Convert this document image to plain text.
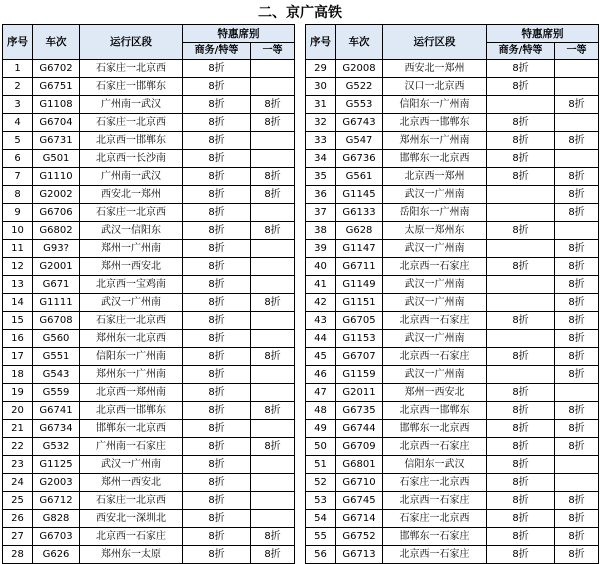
二、京广高铁
序号	车次	运行区段	特惠席别	
			商务/特等	一等
1	G6702	石家庄一北京西	8折	
2	G6751	石家庄一邯郸东	8折	
3	G1108	广州南一武汉	8折	8折
4	G6704	石家庄一北京西	8折	8折
5	G6731	北京西一邯郸东	8折	
6	G501	北京西一长沙南	8折	
7	G1110	广州南一武汉	8折	8折
8	G2002	西安北一郑州	8折	8折
9	G6706	石家庄一北京西	8折	
10	G6802	武汉一信阳东	8折	8折
11	G93?	郑州一广州南	8折	
12	G2001	郑州一西安北	8折	
13	G671	北京西一宝鸡南	8折	
14	G1111	武汉一广州南	8折	8折
15	G6708	石家庄一北京西	8折	
16	G560	郑州东一北京西	8折	
17	G551	信阳东一广州南	8折	8折
18	G543	郑州东一广州南	8折	
19	G559	北京西一郑州南	8折	
20	G6741	北京西一邯郸东	8折	8折
21	G6734	邯郸东一北京西	8折	
22	G532	广州南一石家庄	8折	8折
23	G1125	武汉一广州南	8折	
24	G2003	郑州一西安北	8折	
25	G6712	石家庄一北京西	8折	
26	G828	西安北一深圳北	8折	
27	G6703	北京西一石家庄	8折	8折
28	G626	郑州东一太原	8折	8折
序号	车次	运行区段	特惠席别	
			商务/特等	一等
29	G2008	西安北一郑州	8折	
30	G522	汉口一北京西	8折	
31	G553	信阳东一广州南		8折
32	G6743	北京西一邯郸东	8折	
33	G547	郑州东一广州南	8折	8折
34	G6736	邯郸东一北京西	8折	
35	G561	北京西一郑州	8折	8折
36	G1145	武汉一广州南		8折
37	G6133	岳阳东一广州南		8折
38	G628	太原一郑州东	8折	
39	G1147	武汉一广州南		8折
40	G6711	北京西一石家庄	8折	8折
41	G1149	武汉一广州南		8折
42	G1151	武汉一广州南		8折
43	G6705	北京西一石家庄	8折	8折
44	G1153	武汉一广州南		8折
45	G6707	北京西一石家庄	8折	8折
46	G1159	武汉一广州南		8折
47	G2011	郑州一西安北	8折	
48	G6735	北京西一邯郸东	8折	8折
49	G6744	邯郸东一北京西	8折	8折
50	G6709	北京西一石家庄	8折	8折
51	G6801	信阳东一武汉	8折	
52	G6710	石家庄一北京西	8折	
53	G6745	北京西一石家庄	8折	8折
54	G6714	石家庄一北京西	8折	8折
55	G6752	邯郸东一石家庄	8折	8折
56	G6713	北京西一石家庄	8折	8折
